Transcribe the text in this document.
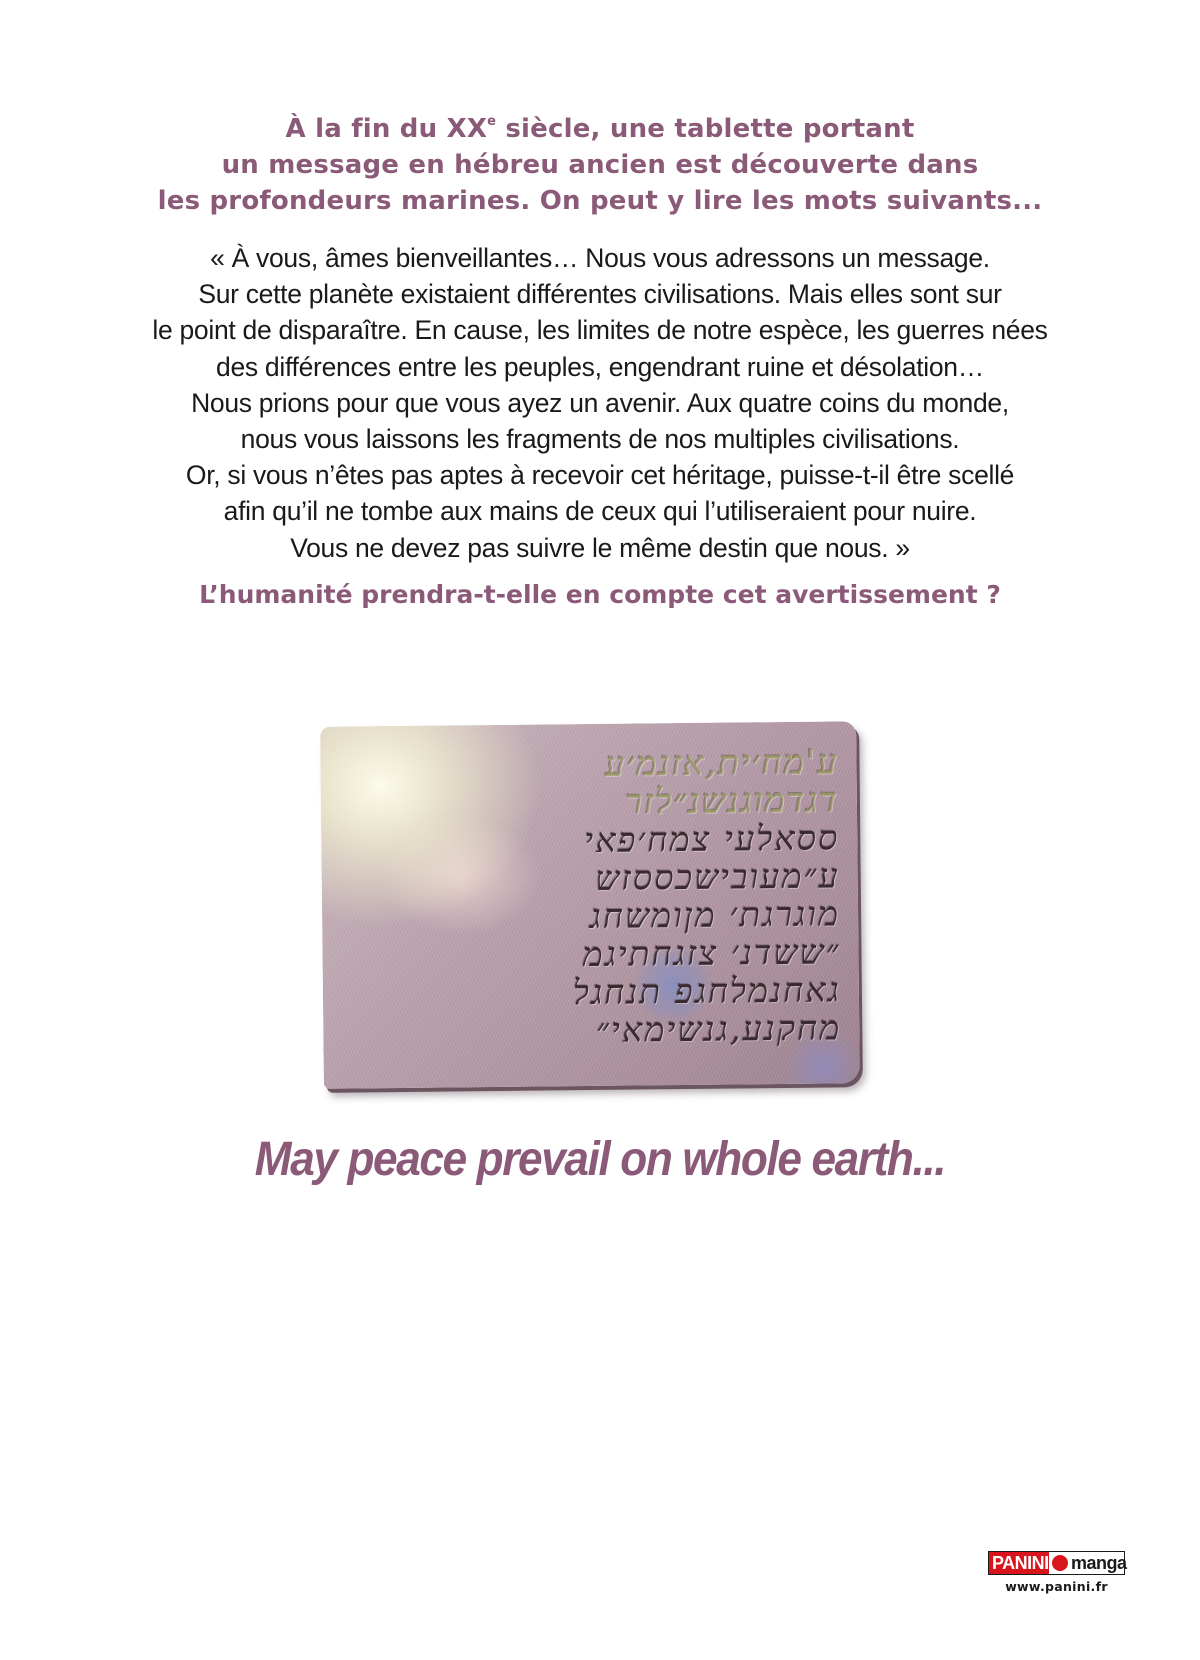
À la fin du XXe siècle, une tablette portant
un message en hébreu ancien est découverte dans
les profondeurs marines. On peut y lire les mots suivants...
« À vous, âmes bienveillantes… Nous vous adressons un message.
Sur cette planète existaient différentes civilisations. Mais elles sont sur
le point de disparaître. En cause, les limites de notre espèce, les guerres nées
des différences entre les peuples, engendrant ruine et désolation…
Nous prions pour que vous ayez un avenir. Aux quatre coins du monde,
nous vous laissons les fragments de nos multiples civilisations.
Or, si vous n’êtes pas aptes à recevoir cet héritage, puisse-t-il être scellé
afin qu’il ne tombe aux mains de ceux qui l’utiliseraient pour nuire.
Vous ne devez pas suivre le même destin que nous. »
L’humanité prendra-t-elle en compte cet avertissement ?
ע'מח׳ית,אזנמ׳ע
דגדמוגנשנ״לזר
ססאלעי צמח׳פאי
ע״מעובישכססזש
מוגרגת׳ מןומשחג
״ששדנ׳ צזגחתיגמ
גאחנמלחגפ תנחגל
מחקנע,גנשימאי״
May peace prevail on whole earth...
PANINI	manga
www.panini.fr
